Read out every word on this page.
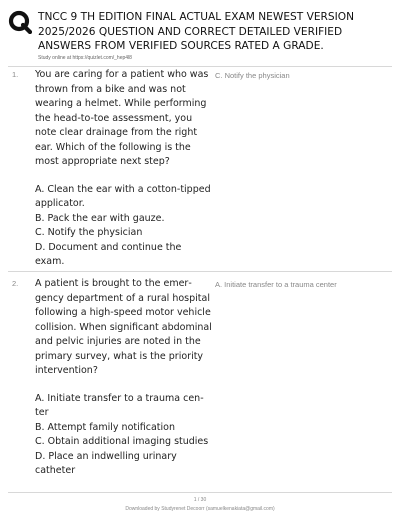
TNCC 9 TH EDITION FINAL ACTUAL EXAM NEWEST VERSION 2025/2026 QUESTION AND CORRECT DETAILED VERIFIED ANSWERS FROM VERIFIED SOURCES RATED A GRADE.
Study online at https://quizlet.com/_hep4l8
1. You are caring for a patient who was thrown from a bike and was not wearing a helmet. While performing the head-to-toe assessment, you note clear drainage from the right ear. Which of the following is the most appropriate next step?

A. Clean the ear with a cotton-tipped applicator.
B. Pack the ear with gauze.
C. Notify the physician
D. Document and continue the exam.
C. Notify the physician
2. A patient is brought to the emergency department of a rural hospital following a high-speed motor vehicle collision. When significant abdominal and pelvic injuries are noted in the primary survey, what is the priority intervention?

A. Initiate transfer to a trauma center
B. Attempt family notification
C. Obtain additional imaging studies
D. Place an indwelling urinary catheter
A. Initiate transfer to a trauma center
1 / 30
Downloaded by Studyrenet Decoorr (samuelkenakiata@gmail.com)
